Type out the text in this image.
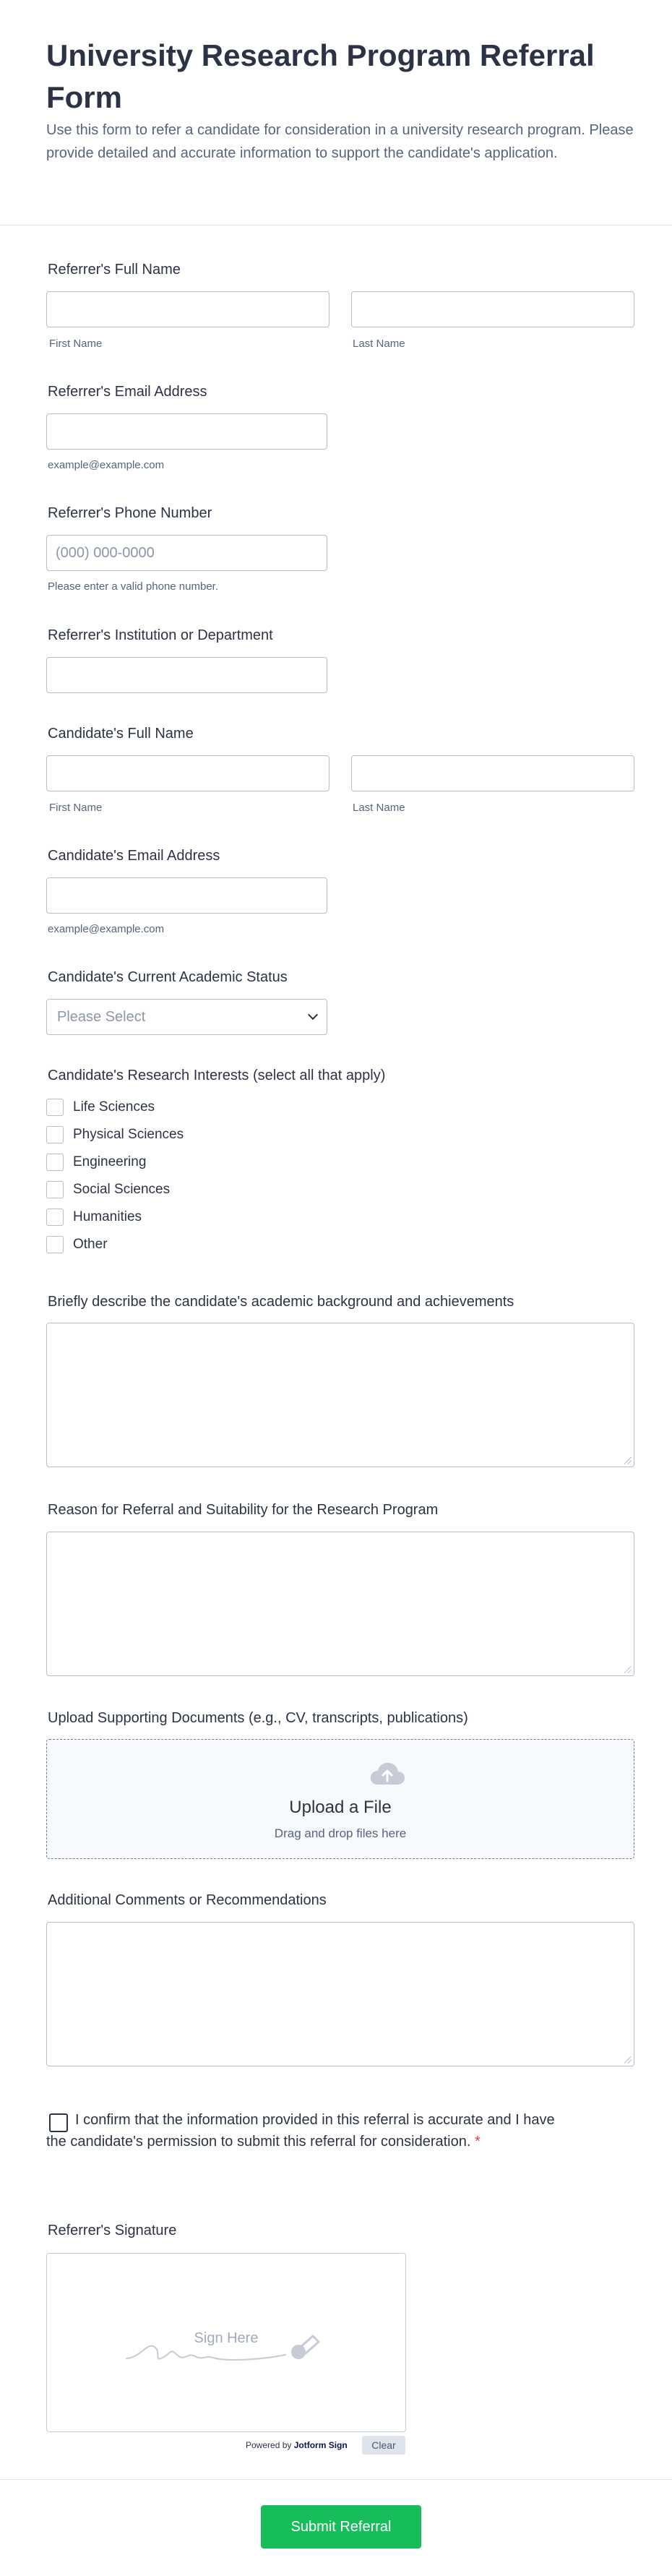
University Research Program Referral Form

Use this form to refer a candidate for consideration in a university research program. Please provide detailed and accurate information to support the candidate's application.

Referrer's Full Name
First Name	Last Name
Referrer's Email Address
example@example.com
Referrer's Phone Number
(000) 000-0000
Please enter a valid phone number.
Referrer's Institution or Department
Candidate's Full Name
First Name	Last Name
Candidate's Email Address
example@example.com
Candidate's Current Academic Status
Please Select
Candidate's Research Interests (select all that apply)
Life Sciences
Physical Sciences
Engineering
Social Sciences
Humanities
Other
Briefly describe the candidate's academic background and achievements
Reason for Referral and Suitability for the Research Program
Upload Supporting Documents (e.g., CV, transcripts, publications)
Upload a File
Drag and drop files here
Additional Comments or Recommendations
I confirm that the information provided in this referral is accurate and I have the candidate's permission to submit this referral for consideration. *
Referrer's Signature
Sign Here
Powered by Jotform Sign	Clear
Submit Referral
